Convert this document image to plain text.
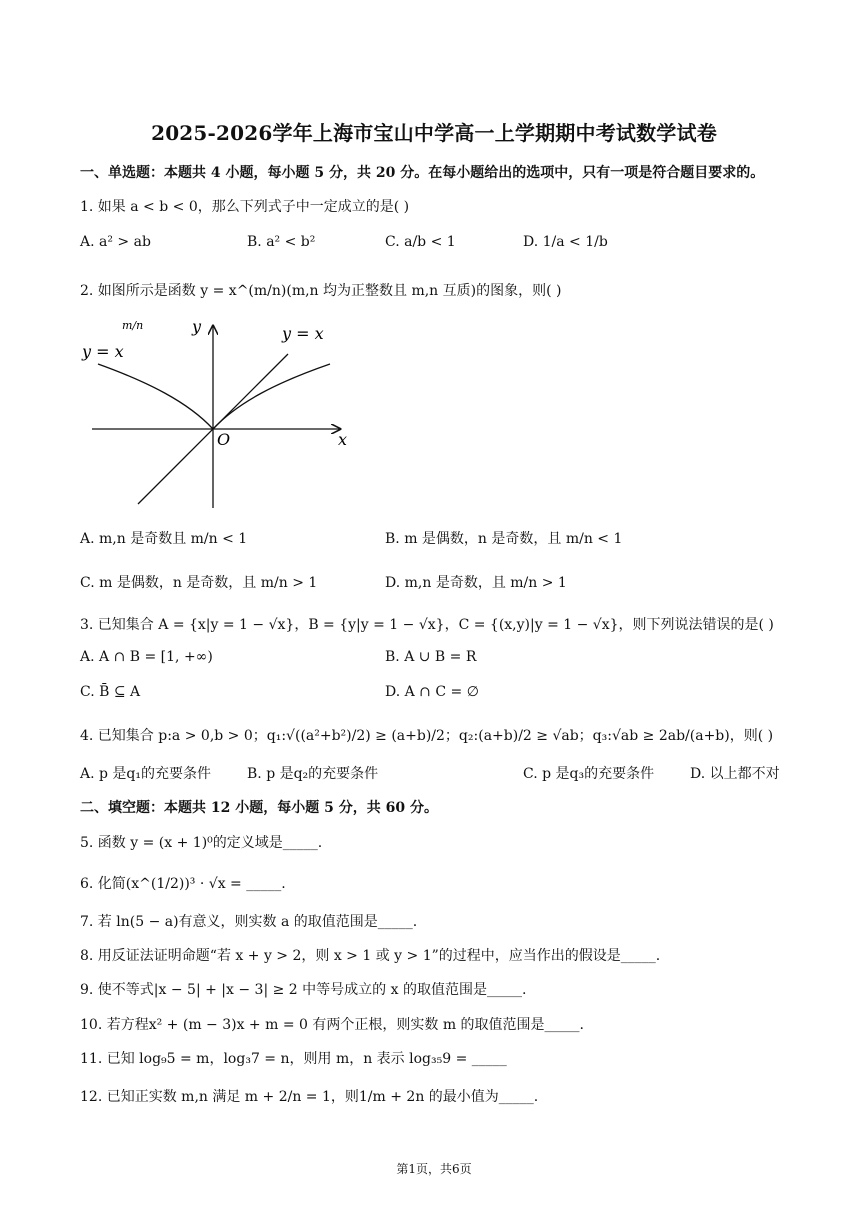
2025-2026学年上海市宝山中学高一上学期期中考试数学试卷
一、单选题：本题共 4 小题，每小题 5 分，共 20 分。在每小题给出的选项中，只有一项是符合题目要求的。
1. 如果 a < b < 0，那么下列式子中一定成立的是( )
A. a² > ab	B. a² < b²	C. a/b < 1	D. 1/a < 1/b
2. 如图所示是函数 y = x^(m/n)(m,n 均为正整数且 m,n 互质)的图象，则( )
y = x
m/n	y = x
y
x
O
A. m,n 是奇数且 m/n < 1	B. m 是偶数，n 是奇数，且 m/n < 1
C. m 是偶数，n 是奇数，且 m/n > 1	D. m,n 是奇数，且 m/n > 1
3. 已知集合 A = {x|y = 1 − √x}，B = {y|y = 1 − √x}，C = {(x,y)|y = 1 − √x}，则下列说法错误的是( )
A. A ∩ B = [1, +∞)	B. A ∪ B = R
C. B̄ ⊆ A	D. A ∩ C = ∅
4. 已知集合 p:a > 0,b > 0；q₁:√((a²+b²)/2) ≥ (a+b)/2；q₂:(a+b)/2 ≥ √ab；q₃:√ab ≥ 2ab/(a+b)，则( )
A. p 是q₁的充要条件	B. p 是q₂的充要条件	C. p 是q₃的充要条件	D. 以上都不对
二、填空题：本题共 12 小题，每小题 5 分，共 60 分。
5. 函数 y = (x + 1)⁰的定义域是_____.
6. 化简(x^(1/2))³ · √x = _____.
7. 若 ln(5 − a)有意义，则实数 a 的取值范围是_____.
8. 用反证法证明命题“若 x + y > 2，则 x > 1 或 y > 1”的过程中，应当作出的假设是_____.
9. 使不等式|x − 5| + |x − 3| ≥ 2 中等号成立的 x 的取值范围是_____.
10. 若方程x² + (m − 3)x + m = 0 有两个正根，则实数 m 的取值范围是_____.
11. 已知 log₉5 = m，log₃7 = n，则用 m，n 表示 log₃₅9 = _____
12. 已知正实数 m,n 满足 m + 2/n = 1，则1/m + 2n 的最小值为_____.
第1页，共6页
